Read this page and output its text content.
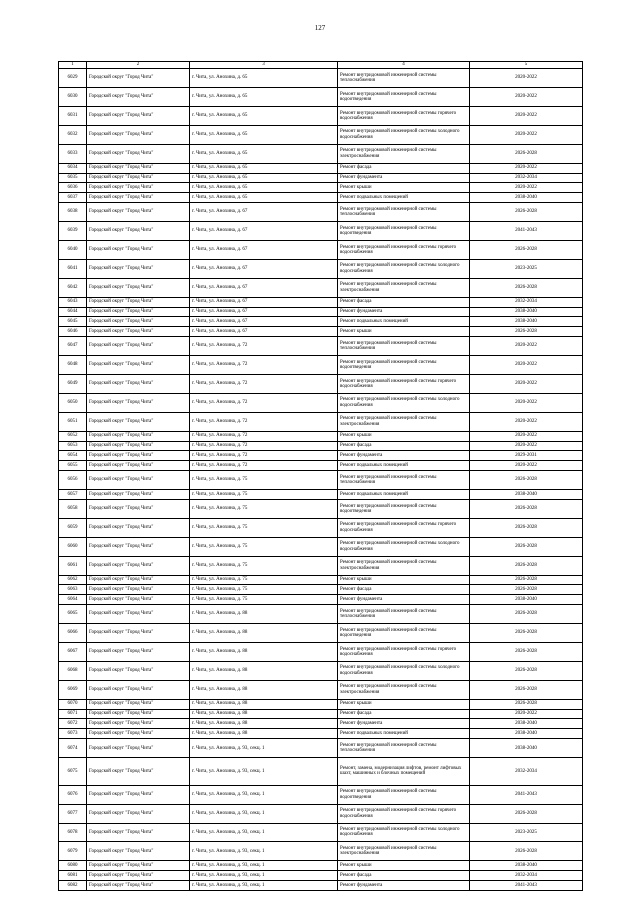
127
1	2	3	4	5
6029	Городской округ "Город Чита"	г. Чита, ул. Анохина, д. 65	Ремонт внутридомовой инженерной системы теплоснабжения	2020-2022
6030	Городской округ "Город Чита"	г. Чита, ул. Анохина, д. 65	Ремонт внутридомовой инженерной системы водоотведения	2020-2022
6031	Городской округ "Город Чита"	г. Чита, ул. Анохина, д. 65	Ремонт внутридомовой инженерной системы горячего водоснабжения	2020-2022
6032	Городской округ "Город Чита"	г. Чита, ул. Анохина, д. 65	Ремонт внутридомовой инженерной системы холодного водоснабжения	2020-2022
6033	Городской округ "Город Чита"	г. Чита, ул. Анохина, д. 65	Ремонт внутридомовой инженерной системы электроснабжения	2026-2028
6034	Городской округ "Город Чита"	г. Чита, ул. Анохина, д. 65	Ремонт фасада	2020-2022
6035	Городской округ "Город Чита"	г. Чита, ул. Анохина, д. 65	Ремонт фундамента	2032-2034
6036	Городской округ "Город Чита"	г. Чита, ул. Анохина, д. 65	Ремонт крыши	2020-2022
6037	Городской округ "Город Чита"	г. Чита, ул. Анохина, д. 65	Ремонт подвальных помещений	2038-2040
6038	Городской округ "Город Чита"	г. Чита, ул. Анохина, д. 67	Ремонт внутридомовой инженерной системы теплоснабжения	2026-2028
6039	Городской округ "Город Чита"	г. Чита, ул. Анохина, д. 67	Ремонт внутридомовой инженерной системы водоотведения	2041-2043
6040	Городской округ "Город Чита"	г. Чита, ул. Анохина, д. 67	Ремонт внутридомовой инженерной системы горячего водоснабжения	2026-2028
6041	Городской округ "Город Чита"	г. Чита, ул. Анохина, д. 67	Ремонт внутридомовой инженерной системы холодного водоснабжения	2023-2025
6042	Городской округ "Город Чита"	г. Чита, ул. Анохина, д. 67	Ремонт внутридомовой инженерной системы электроснабжения	2026-2028
6043	Городской округ "Город Чита"	г. Чита, ул. Анохина, д. 67	Ремонт фасада	2032-2034
6044	Городской округ "Город Чита"	г. Чита, ул. Анохина, д. 67	Ремонт фундамента	2038-2040
6045	Городской округ "Город Чита"	г. Чита, ул. Анохина, д. 67	Ремонт подвальных помещений	2038-2040
6046	Городской округ "Город Чита"	г. Чита, ул. Анохина, д. 67	Ремонт крыши	2026-2028
6047	Городской округ "Город Чита"	г. Чита, ул. Анохина, д. 72	Ремонт внутридомовой инженерной системы теплоснабжения	2020-2022
6048	Городской округ "Город Чита"	г. Чита, ул. Анохина, д. 72	Ремонт внутридомовой инженерной системы водоотведения	2020-2022
6049	Городской округ "Город Чита"	г. Чита, ул. Анохина, д. 72	Ремонт внутридомовой инженерной системы горячего водоснабжения	2020-2022
6050	Городской округ "Город Чита"	г. Чита, ул. Анохина, д. 72	Ремонт внутридомовой инженерной системы холодного водоснабжения	2020-2022
6051	Городской округ "Город Чита"	г. Чита, ул. Анохина, д. 72	Ремонт внутридомовой инженерной системы электроснабжения	2020-2022
6052	Городской округ "Город Чита"	г. Чита, ул. Анохина, д. 72	Ремонт крыши	2020-2022
6053	Городской округ "Город Чита"	г. Чита, ул. Анохина, д. 72	Ремонт фасада	2020-2022
6054	Городской округ "Город Чита"	г. Чита, ул. Анохина, д. 72	Ремонт фундамента	2029-2031
6055	Городской округ "Город Чита"	г. Чита, ул. Анохина, д. 72	Ремонт подвальных помещений	2020-2022
6056	Городской округ "Город Чита"	г. Чита, ул. Анохина, д. 75	Ремонт внутридомовой инженерной системы теплоснабжения	2026-2028
6057	Городской округ "Город Чита"	г. Чита, ул. Анохина, д. 75	Ремонт подвальных помещений	2038-2040
6058	Городской округ "Город Чита"	г. Чита, ул. Анохина, д. 75	Ремонт внутридомовой инженерной системы водоотведения	2026-2028
6059	Городской округ "Город Чита"	г. Чита, ул. Анохина, д. 75	Ремонт внутридомовой инженерной системы горячего водоснабжения	2026-2028
6060	Городской округ "Город Чита"	г. Чита, ул. Анохина, д. 75	Ремонт внутридомовой инженерной системы холодного водоснабжения	2026-2028
6061	Городской округ "Город Чита"	г. Чита, ул. Анохина, д. 75	Ремонт внутридомовой инженерной системы электроснабжения	2026-2028
6062	Городской округ "Город Чита"	г. Чита, ул. Анохина, д. 75	Ремонт крыши	2026-2028
6063	Городской округ "Город Чита"	г. Чита, ул. Анохина, д. 75	Ремонт фасада	2026-2028
6064	Городской округ "Город Чита"	г. Чита, ул. Анохина, д. 75	Ремонт фундамента	2038-2040
6065	Городской округ "Город Чита"	г. Чита, ул. Анохина, д. 88	Ремонт внутридомовой инженерной системы теплоснабжения	2026-2028
6066	Городской округ "Город Чита"	г. Чита, ул. Анохина, д. 88	Ремонт внутридомовой инженерной системы водоотведения	2026-2028
6067	Городской округ "Город Чита"	г. Чита, ул. Анохина, д. 88	Ремонт внутридомовой инженерной системы горячего водоснабжения	2026-2028
6068	Городской округ "Город Чита"	г. Чита, ул. Анохина, д. 88	Ремонт внутридомовой инженерной системы холодного водоснабжения	2026-2028
6069	Городской округ "Город Чита"	г. Чита, ул. Анохина, д. 88	Ремонт внутридомовой инженерной системы электроснабжения	2026-2028
6070	Городской округ "Город Чита"	г. Чита, ул. Анохина, д. 88	Ремонт крыши	2026-2028
6071	Городской округ "Город Чита"	г. Чита, ул. Анохина, д. 88	Ремонт фасада	2020-2022
6072	Городской округ "Город Чита"	г. Чита, ул. Анохина, д. 88	Ремонт фундамента	2038-2040
6073	Городской округ "Город Чита"	г. Чита, ул. Анохина, д. 88	Ремонт подвальных помещений	2038-2040
6074	Городской округ "Город Чита"	г. Чита, ул. Анохина, д. 93, секц. 1	Ремонт внутридомовой инженерной системы теплоснабжения	2038-2040
6075	Городской округ "Город Чита"	г. Чита, ул. Анохина, д. 93, секц. 1	Ремонт, замена, модернизация лифтов, ремонт лифтовых шахт, машинных и блочных помещений	2032-2034
6076	Городской округ "Город Чита"	г. Чита, ул. Анохина, д. 93, секц. 1	Ремонт внутридомовой инженерной системы водоотведения	2041-2043
6077	Городской округ "Город Чита"	г. Чита, ул. Анохина, д. 93, секц. 1	Ремонт внутридомовой инженерной системы горячего водоснабжения	2026-2028
6078	Городской округ "Город Чита"	г. Чита, ул. Анохина, д. 93, секц. 1	Ремонт внутридомовой инженерной системы холодного водоснабжения	2023-2025
6079	Городской округ "Город Чита"	г. Чита, ул. Анохина, д. 93, секц. 1	Ремонт внутридомовой инженерной системы электроснабжения	2026-2028
6080	Городской округ "Город Чита"	г. Чита, ул. Анохина, д. 93, секц. 1	Ремонт крыши	2038-2040
6081	Городской округ "Город Чита"	г. Чита, ул. Анохина, д. 93, секц. 1	Ремонт фасада	2032-2034
6082	Городской округ "Город Чита"	г. Чита, ул. Анохина, д. 93, секц. 1	Ремонт фундамента	2041-2043
